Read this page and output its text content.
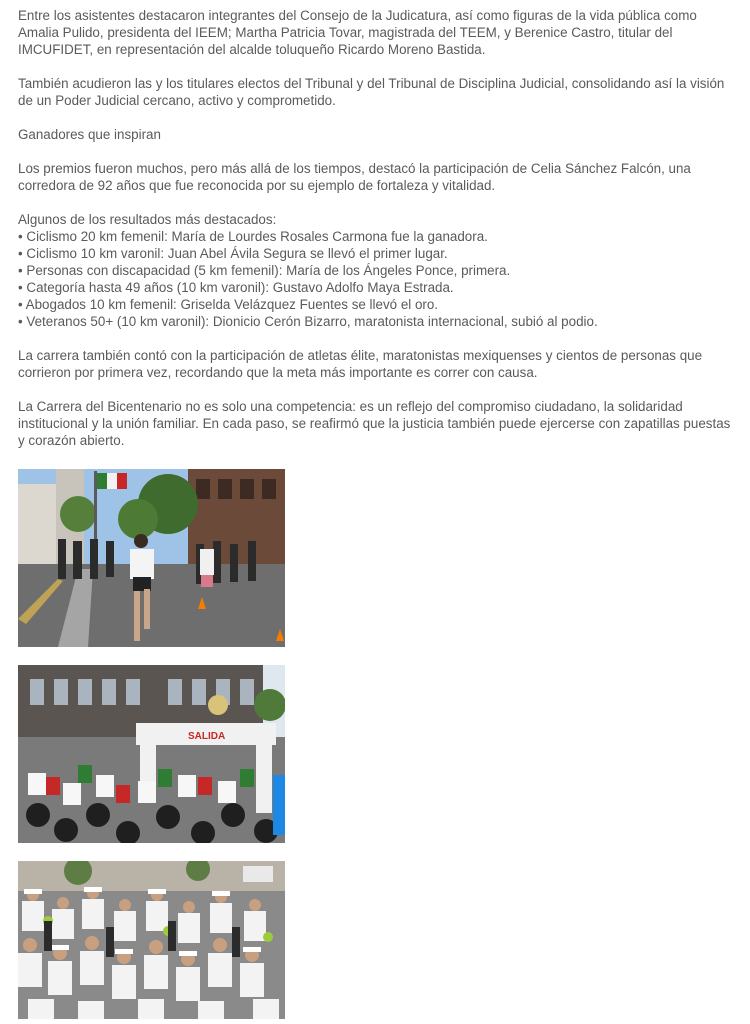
Entre los asistentes destacaron integrantes del Consejo de la Judicatura, así como figuras de la vida pública como Amalia Pulido, presidenta del IEEM; Martha Patricia Tovar, magistrada del TEEM, y Berenice Castro, titular del IMCUFIDET, en representación del alcalde toluqueño Ricardo Moreno Bastida.

También acudieron las y los titulares electos del Tribunal y del Tribunal de Disciplina Judicial, consolidando así la visión de un Poder Judicial cercano, activo y comprometido.

Ganadores que inspiran

Los premios fueron muchos, pero más allá de los tiempos, destacó la participación de Celia Sánchez Falcón, una corredora de 92 años que fue reconocida por su ejemplo de fortaleza y vitalidad.

Algunos de los resultados más destacados:
• Ciclismo 20 km femenil: María de Lourdes Rosales Carmona fue la ganadora.
• Ciclismo 10 km varonil: Juan Abel Ávila Segura se llevó el primer lugar.
• Personas con discapacidad (5 km femenil): María de los Ángeles Ponce, primera.
• Categoría hasta 49 años (10 km varonil): Gustavo Adolfo Maya Estrada.
• Abogados 10 km femenil: Griselda Velázquez Fuentes se llevó el oro.
• Veteranos 50+ (10 km varonil): Dionicio Cerón Bizarro, maratonista internacional, subió al podio.

La carrera también contó con la participación de atletas élite, maratonistas mexiquenses y cientos de personas que corrieron por primera vez, recordando que la meta más importante es correr con causa.

La Carrera del Bicentenario no es solo una competencia: es un reflejo del compromiso ciudadano, la solidaridad institucional y la unión familiar. En cada paso, se reafirmó que la justicia también puede ejercerse con zapatillas puestas y corazón abierto.

SALIDA
